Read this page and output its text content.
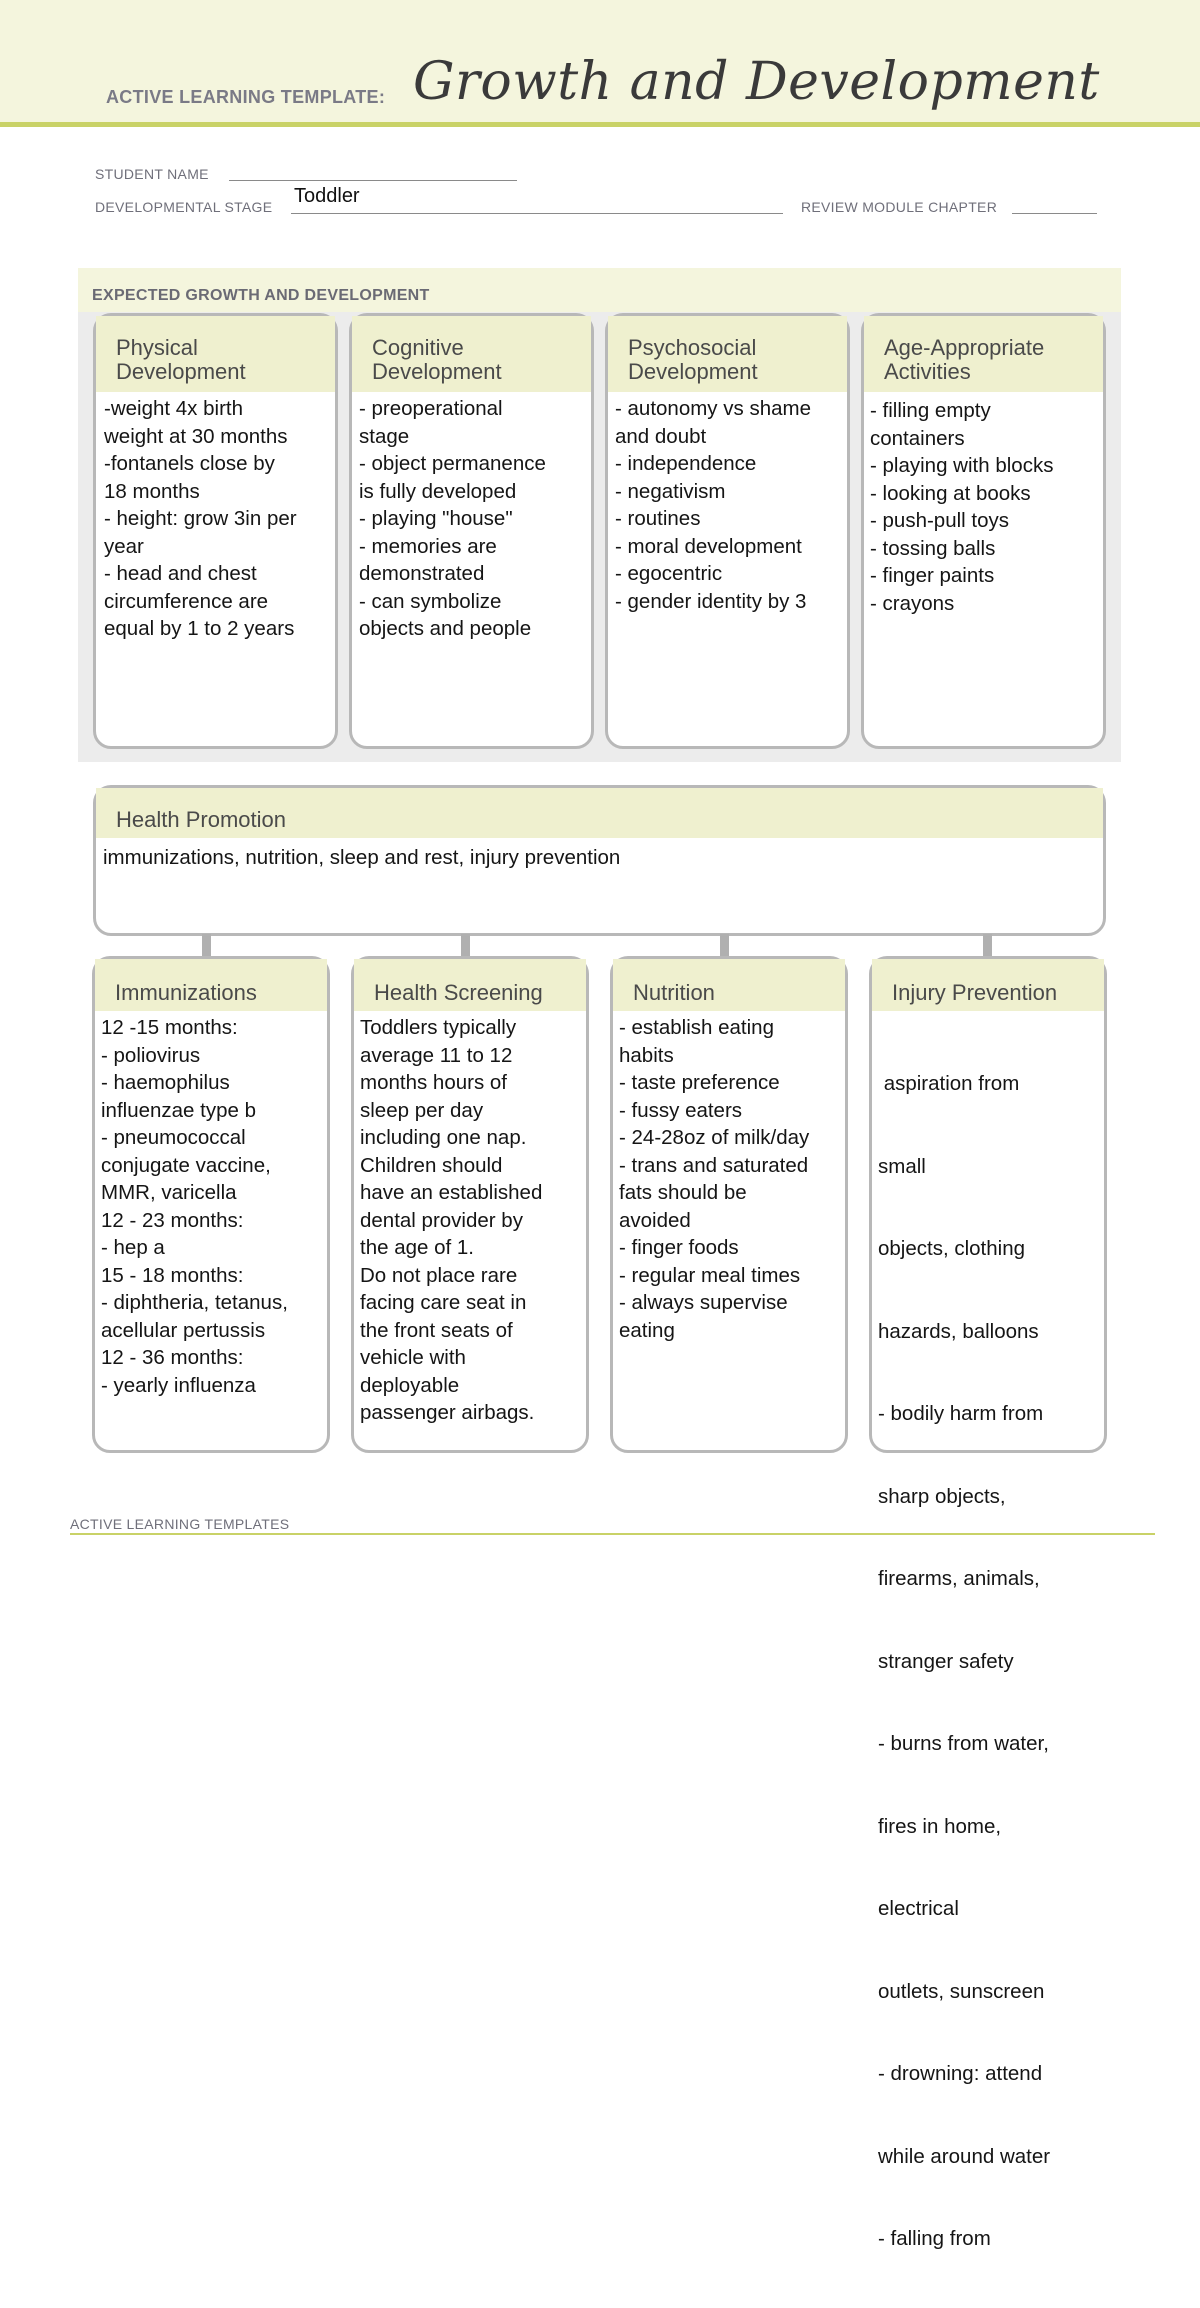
ACTIVE LEARNING TEMPLATE: Growth and Development
STUDENT NAME
DEVELOPMENTAL STAGE Toddler	REVIEW MODULE CHAPTER
EXPECTED GROWTH AND DEVELOPMENT
Physical
Development
-weight 4x birth
weight at 30 months
-fontanels close by
18 months
- height: grow 3in per
year
- head and chest
circumference are
equal by 1 to 2 years
Cognitive
Development
- preoperational
stage
- object permanence
is fully developed
- playing "house"
- memories are
demonstrated
- can symbolize
objects and people
Psychosocial
Development
- autonomy vs shame
and doubt
- independence
- negativism
- routines
- moral development
- egocentric
- gender identity by 3
Age-Appropriate
Activities
- filling empty
containers
- playing with blocks
- looking at books
- push-pull toys
- tossing balls
- finger paints
- crayons
Health Promotion
immunizations, nutrition, sleep and rest, injury prevention
Immunizations
12 -15 months:
- poliovirus
- haemophilus
influenzae type b
- pneumococcal
conjugate vaccine,
MMR, varicella
12 - 23 months:
- hep a
15 - 18 months:
- diphtheria, tetanus,
acellular pertussis
12 - 36 months:
- yearly influenza
Health Screening
Toddlers typically
average 11 to 12
months hours of
sleep per day
including one nap.
Children should
have an established
dental provider by
the age of 1.
Do not place rare
facing care seat in
the front seats of
vehicle with
deployable
passenger airbags.
Nutrition
- establish eating
habits
- taste preference
- fussy eaters
- 24-28oz of milk/day
- trans and saturated
fats should be
avoided
- finger foods
- regular meal times
- always supervise
eating
Injury Prevention

aspiration from

small

objects, clothing

hazards, balloons

- bodily harm from

sharp objects,

firearms, animals,

stranger safety

- burns from water,

fires in home,

electrical

outlets, sunscreen

- drowning: attend

while around water

- falling from

ACTIVE LEARNING TEMPLATES
